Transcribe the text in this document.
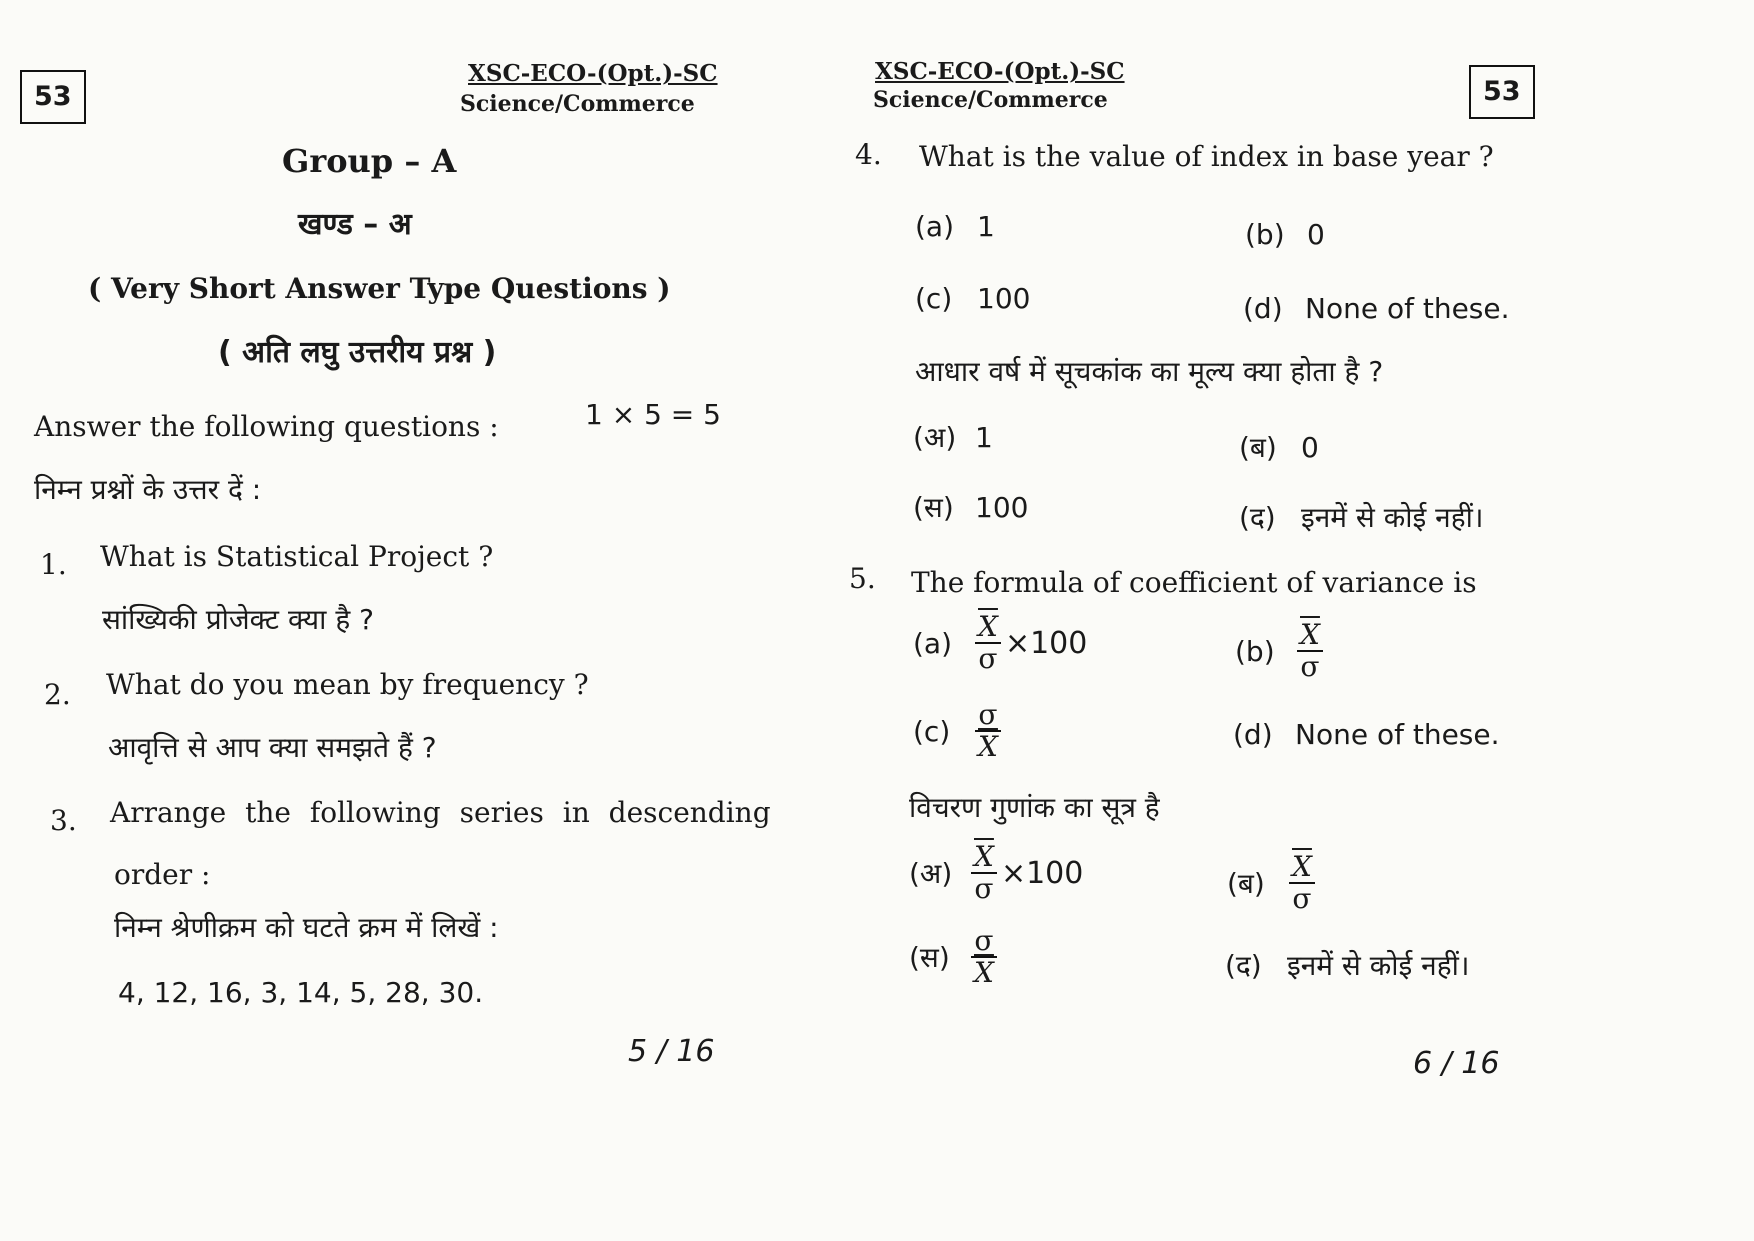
53
XSC-ECO-(Opt.)-SC
Science/Commerce
Group – A
खण्ड – अ
( Very Short Answer Type Questions )
( अति लघु उत्तरीय प्रश्न )
Answer the following questions :	1 × 5 = 5
निम्न प्रश्नों के उत्तर दें :
1. What is Statistical Project ?
सांख्यिकी प्रोजेक्ट क्या है ?
2. What do you mean by frequency ?
आवृत्ति से आप क्या समझते हैं ?
3. Arrange the following series in descending
order :
निम्न श्रेणीक्रम को घटते क्रम में लिखें :
4, 12, 16, 3, 14, 5, 28, 30.
5 / 16
XSC-ECO-(Opt.)-SC
Science/Commerce	53
4. What is the value of index in base year ?
(a) 1	(b) 0
(c) 100	(d) None of these.
आधार वर्ष में सूचकांक का मूल्य क्या होता है ?
(अ) 1	(ब) 0
(स) 100	(द) इनमें से कोई नहीं।
5. The formula of coefficient of variance is
$(a) \frac{\overline{X}}{\sigma} \times 100$	$(b) \frac{\overline{X}}{\sigma}$
$(c) \frac{\sigma}{X}$	(d) None of these.
विचरण गुणांक का सूत्र है
(अ) $\frac{\overline{X}}{\sigma} \times 100$	(ब) $\frac{\overline{X}}{\sigma}$
(स) $\frac{\sigma}{X}$	(द) इनमें से कोई नहीं।
6 / 16
